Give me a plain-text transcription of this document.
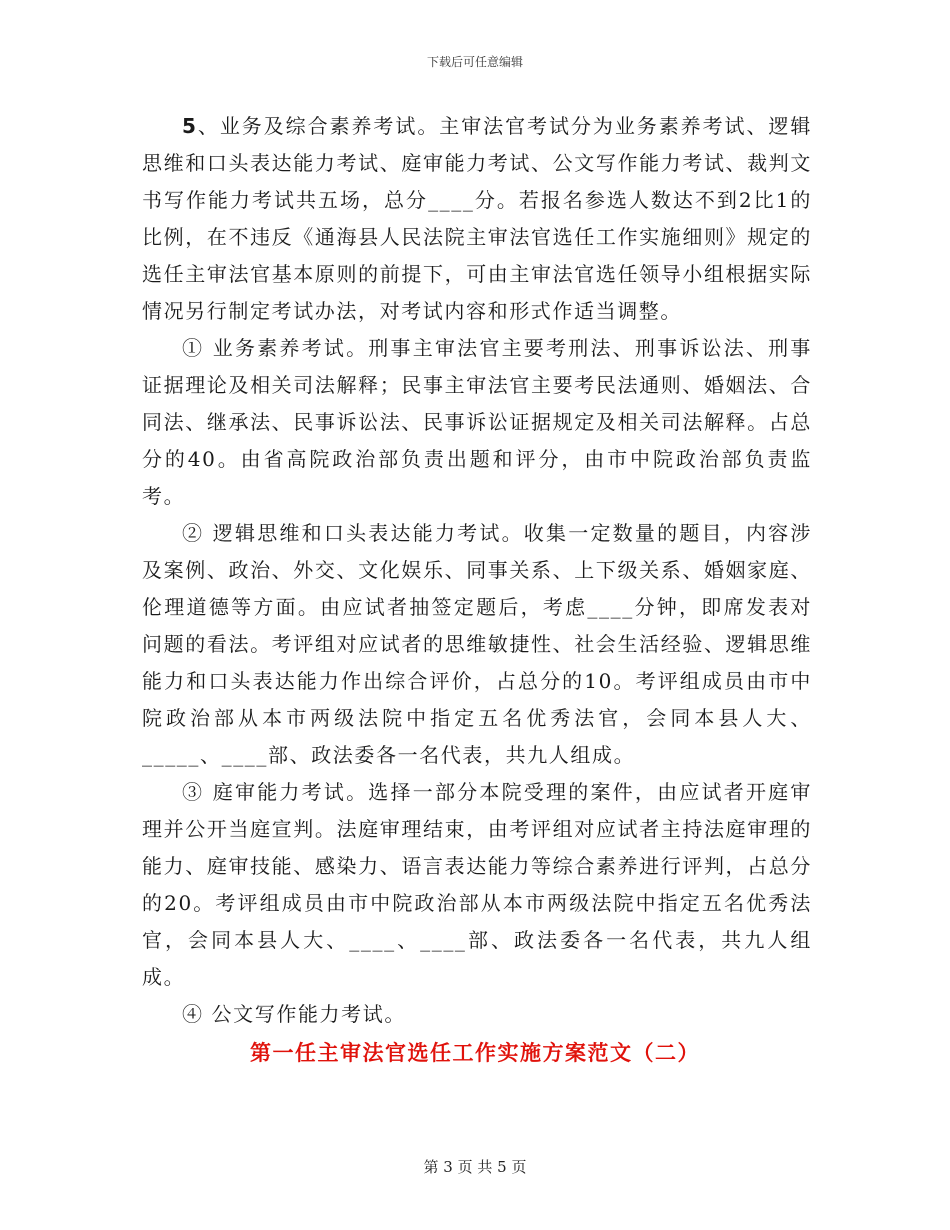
下载后可任意编辑

5、业务及综合素养考试。主审法官考试分为业务素养考试、逻辑思维和口头表达能力考试、庭审能力考试、公文写作能力考试、裁判文书写作能力考试共五场，总分____分。若报名参选人数达不到2比1的比例，在不违反《通海县人民法院主审法官选任工作实施细则》规定的选任主审法官基本原则的前提下，可由主审法官选任领导小组根据实际情况另行制定考试办法，对考试内容和形式作适当调整。

① 业务素养考试。刑事主审法官主要考刑法、刑事诉讼法、刑事证据理论及相关司法解释；民事主审法官主要考民法通则、婚姻法、合同法、继承法、民事诉讼法、民事诉讼证据规定及相关司法解释。占总分的40。由省高院政治部负责出题和评分，由市中院政治部负责监考。

② 逻辑思维和口头表达能力考试。收集一定数量的题目，内容涉及案例、政治、外交、文化娱乐、同事关系、上下级关系、婚姻家庭、伦理道德等方面。由应试者抽签定题后，考虑____分钟，即席发表对问题的看法。考评组对应试者的思维敏捷性、社会生活经验、逻辑思维能力和口头表达能力作出综合评价，占总分的10。考评组成员由市中院政治部从本市两级法院中指定五名优秀法官，会同本县人大、_____、____部、政法委各一名代表，共九人组成。

③ 庭审能力考试。选择一部分本院受理的案件，由应试者开庭审理并公开当庭宣判。法庭审理结束，由考评组对应试者主持法庭审理的能力、庭审技能、感染力、语言表达能力等综合素养进行评判，占总分的20。考评组成员由市中院政治部从本市两级法院中指定五名优秀法官，会同本县人大、____、____部、政法委各一名代表，共九人组成。

④ 公文写作能力考试。

第一任主审法官选任工作实施方案范文（二）
第 3 页 共 5 页
